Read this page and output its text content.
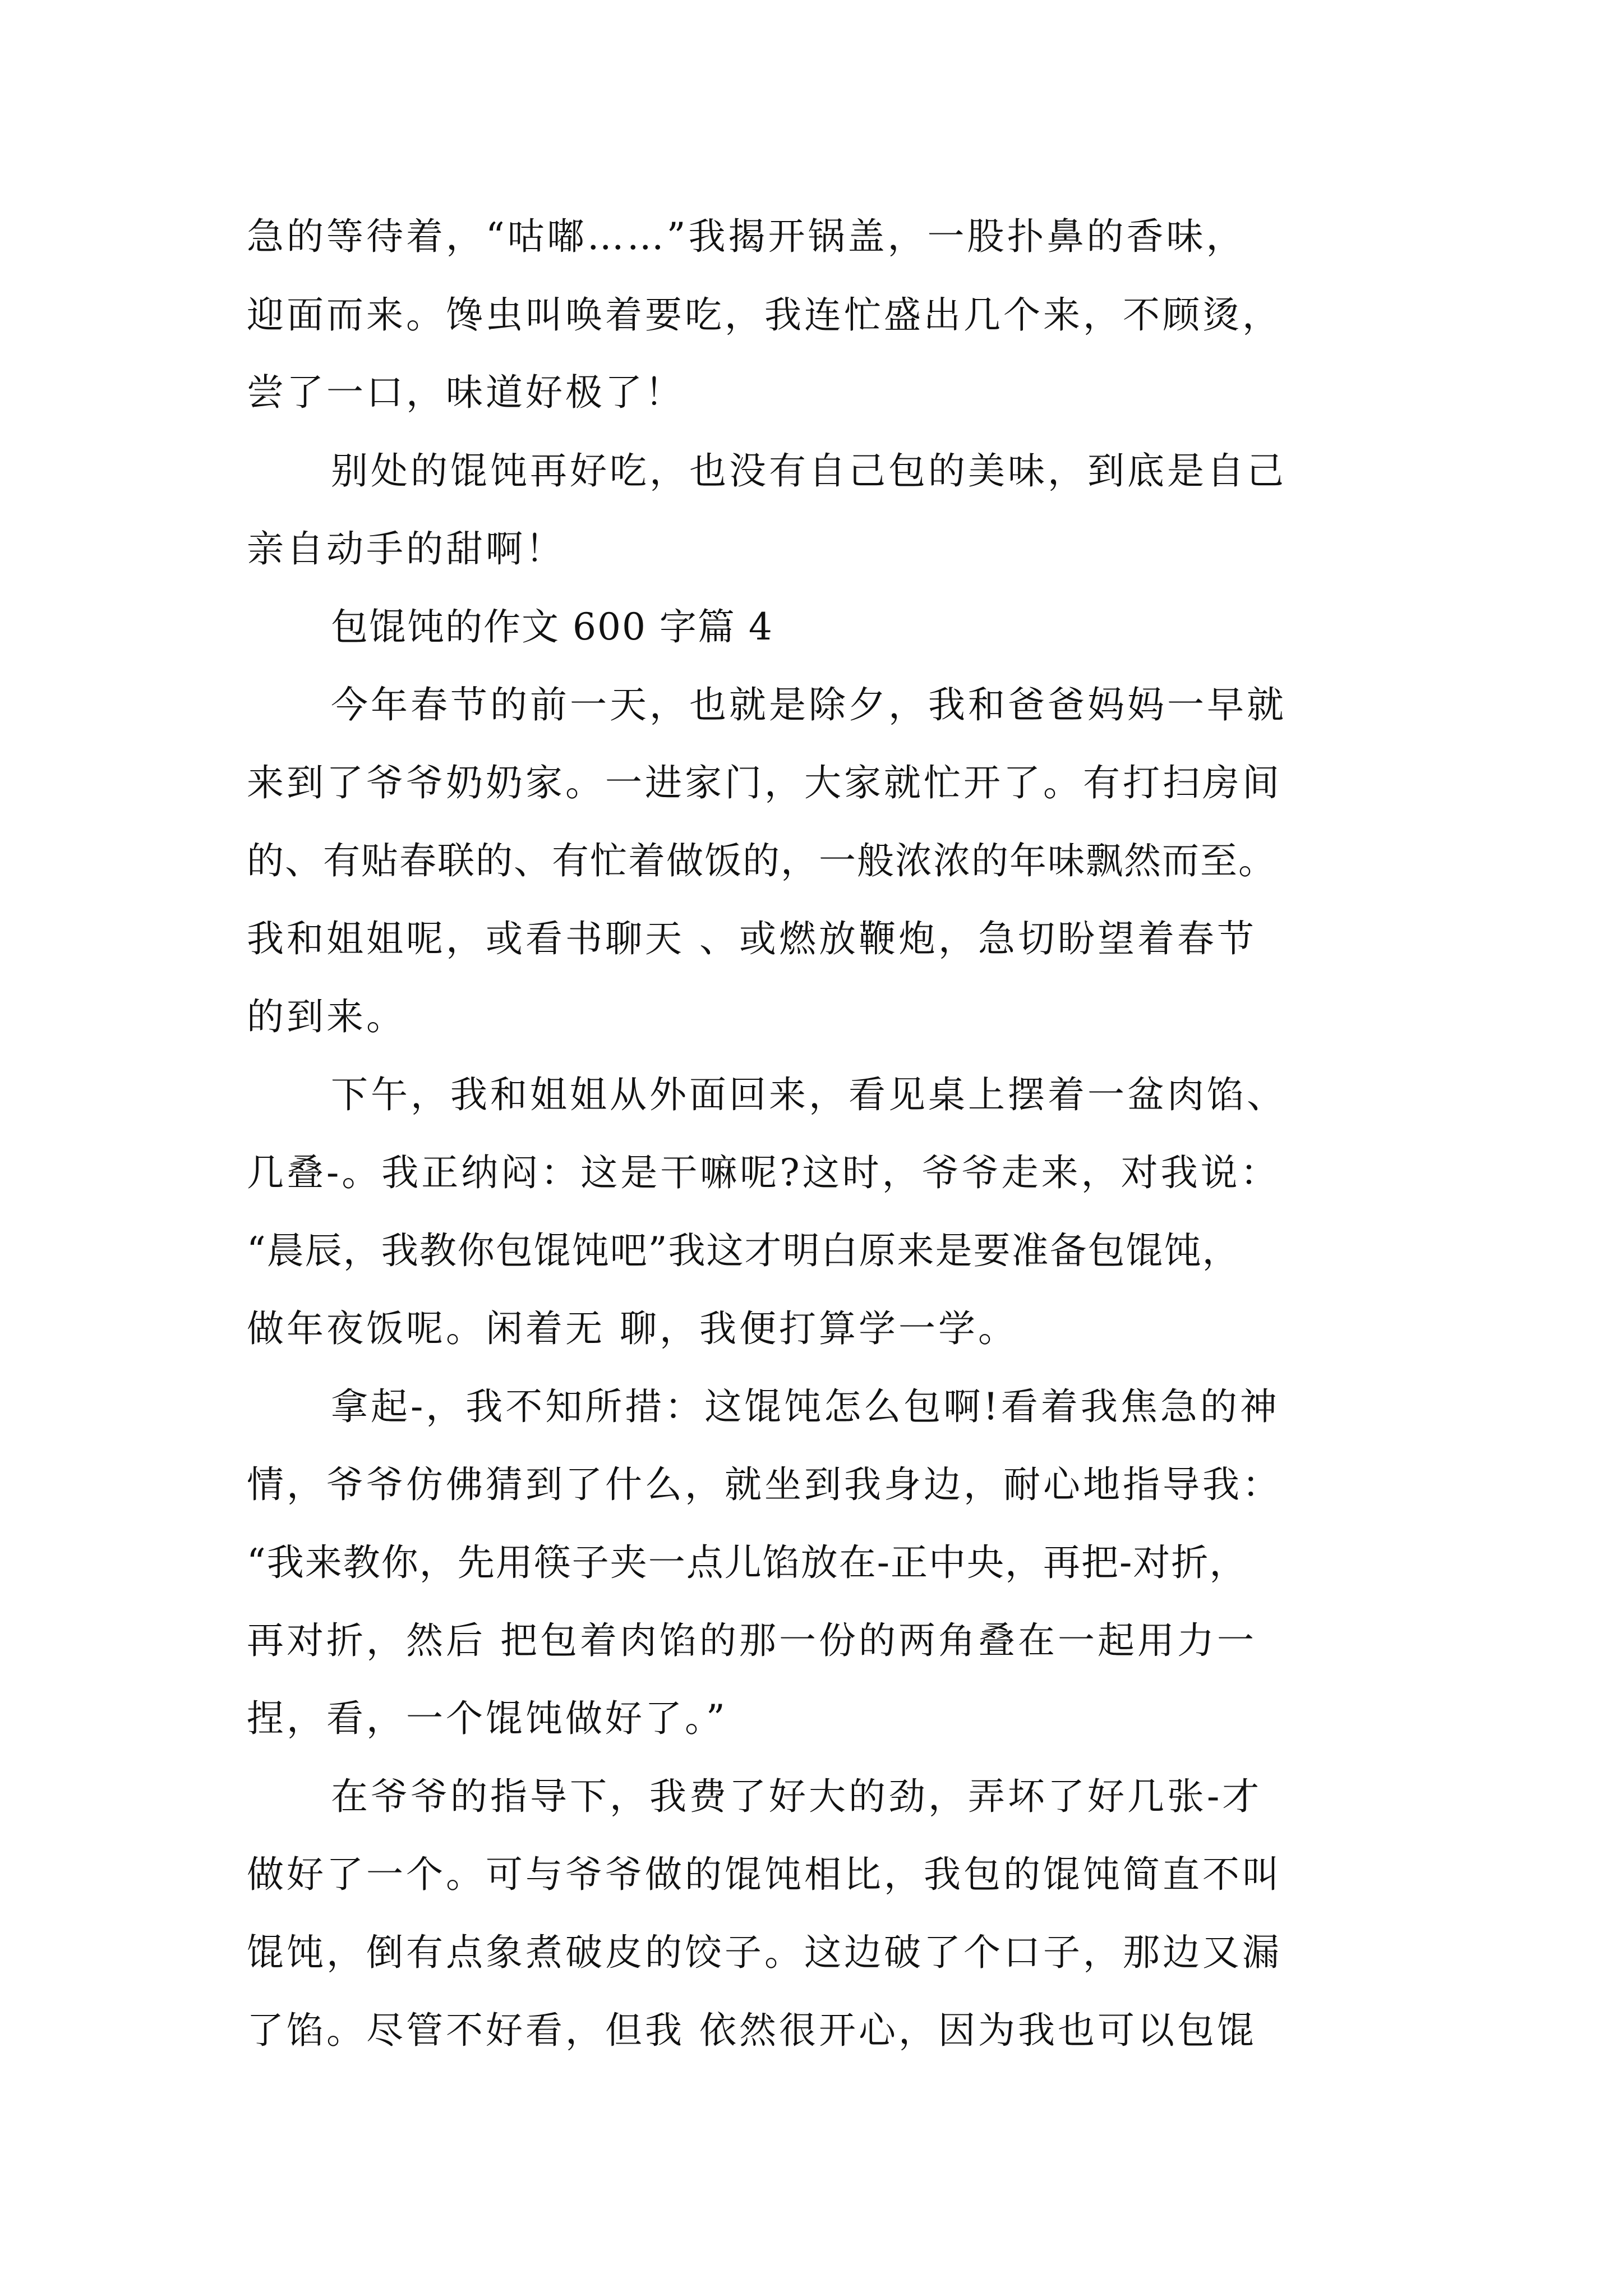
急的等待着，“咕嘟……”我揭开锅盖，一股扑鼻的香味，
迎面而来。馋虫叫唤着要吃，我连忙盛出几个来，不顾烫，
尝了一口，味道好极了！
别处的馄饨再好吃，也没有自己包的美味，到底是自己
亲自动手的甜啊！
包馄饨的作文 600 字篇 4
今年春节的前一天，也就是除夕，我和爸爸妈妈一早就
来到了爷爷奶奶家。一进家门，大家就忙开了。有打扫房间
的、有贴春联的、有忙着做饭的，一般浓浓的年味飘然而至。
我和姐姐呢，或看书聊天 、或燃放鞭炮，急切盼望着春节
的到来。
下午，我和姐姐从外面回来，看见桌上摆着一盆肉馅、
几叠-。我正纳闷：这是干嘛呢?这时，爷爷走来，对我说：
“晨辰，我教你包馄饨吧”我这才明白原来是要准备包馄饨，
做年夜饭呢。闲着无 聊，我便打算学一学。
拿起-，我不知所措：这馄饨怎么包啊!看着我焦急的神
情，爷爷仿佛猜到了什么，就坐到我身边，耐心地指导我：
“我来教你，先用筷子夹一点儿馅放在-正中央，再把-对折，
再对折，然后 把包着肉馅的那一份的两角叠在一起用力一
捏，看，一个馄饨做好了。”
在爷爷的指导下，我费了好大的劲，弄坏了好几张-才
做好了一个。可与爷爷做的馄饨相比，我包的馄饨简直不叫
馄饨，倒有点象煮破皮的饺子。这边破了个口子，那边又漏
了馅。尽管不好看，但我 依然很开心，因为我也可以包馄
